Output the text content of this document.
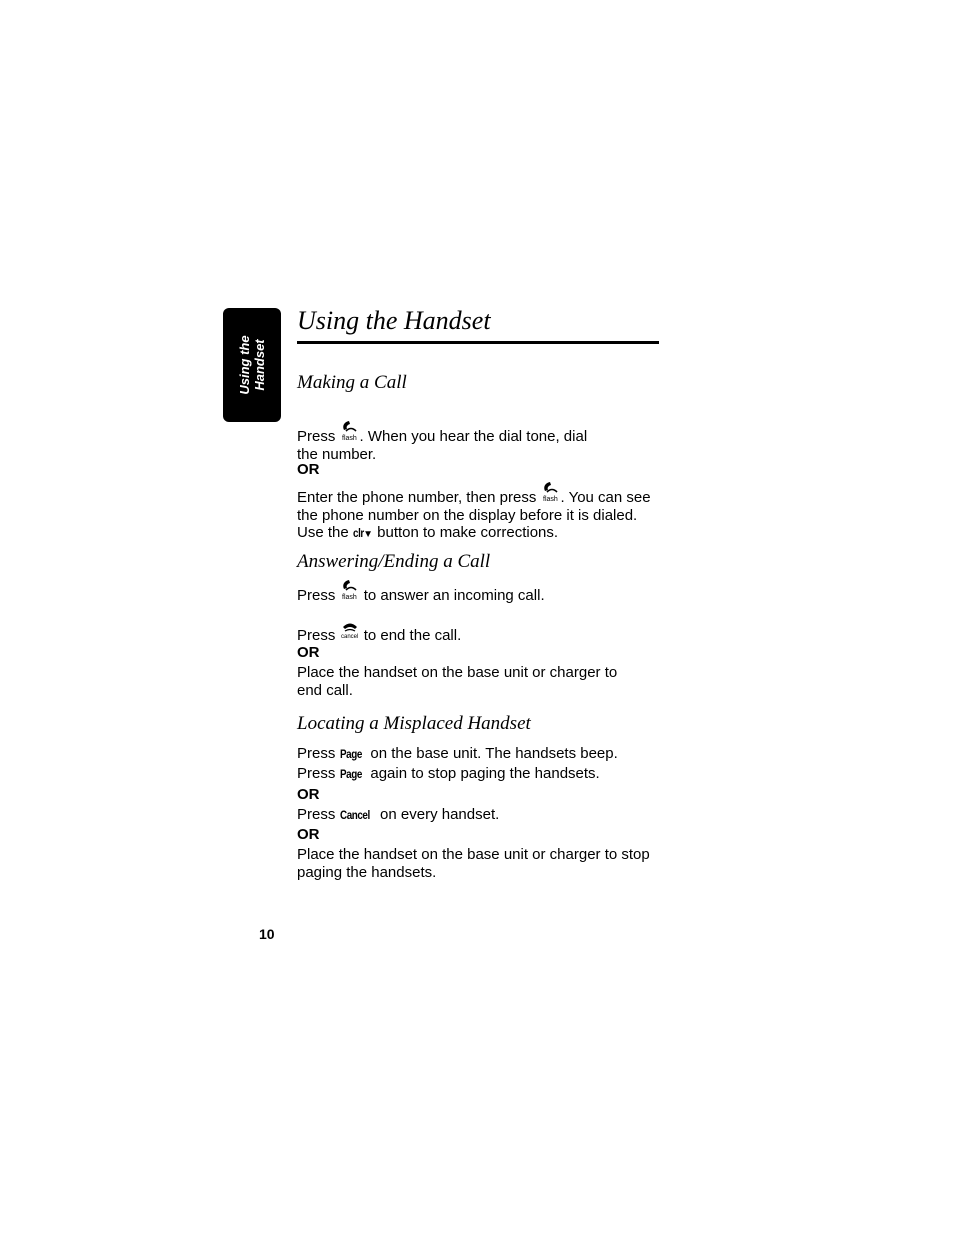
Using the Handset
Using the Handset
Making a Call
Press flash . When you hear the dial tone, dial
the number.
OR
Enter the phone number, then press flash . You can see
the phone number on the display before it is dialed.
Use the clr▼ button to make corrections.
Answering/Ending a Call
Press flash to answer an incoming call.
Press cancel to end the call.
OR
Place the handset on the base unit or charger to
end call.
Locating a Misplaced Handset
Press Page on the base unit. The handsets beep.
Press Page again to stop paging the handsets.
OR
Press Cancel on every handset.
OR
Place the handset on the base unit or charger to stop
paging the handsets.
10
